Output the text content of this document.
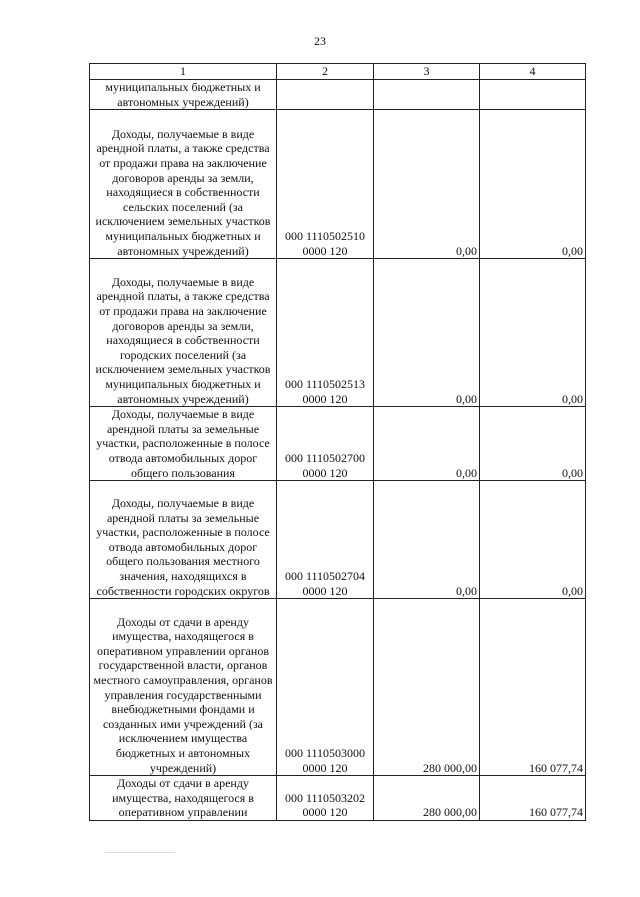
23
1	2	3	4
муниципальных бюджетных и автономных учреждений)			
Доходы, получаемые в виде арендной платы, а также средства от продажи права на заключение договоров аренды за земли, находящиеся в собственности сельских поселений (за исключением земельных участков муниципальных бюджетных и автономных учреждений)	000 1110502510 0000 120	0,00	0,00
Доходы, получаемые в виде арендной платы, а также средства от продажи права на заключение договоров аренды за земли, находящиеся в собственности городских поселений (за исключением земельных участков муниципальных бюджетных и автономных учреждений)	000 1110502513 0000 120	0,00	0,00
Доходы, получаемые в виде арендной платы за земельные участки, расположенные в полосе отвода автомобильных дорог общего пользования	000 1110502700 0000 120	0,00	0,00
Доходы, получаемые в виде арендной платы за земельные участки, расположенные в полосе отвода автомобильных дорог общего пользования местного значения, находящихся в собственности городских округов	000 1110502704 0000 120	0,00	0,00
Доходы от сдачи в аренду имущества, находящегося в оперативном управлении органов государственной власти, органов местного самоуправления, органов управления государственными внебюджетными фондами и созданных ими учреждений (за исключением имущества бюджетных и автономных учреждений)	000 1110503000 0000 120	280 000,00	160 077,74
Доходы от сдачи в аренду имущества, находящегося в оперативном управлении	000 1110503202 0000 120	280 000,00	160 077,74
